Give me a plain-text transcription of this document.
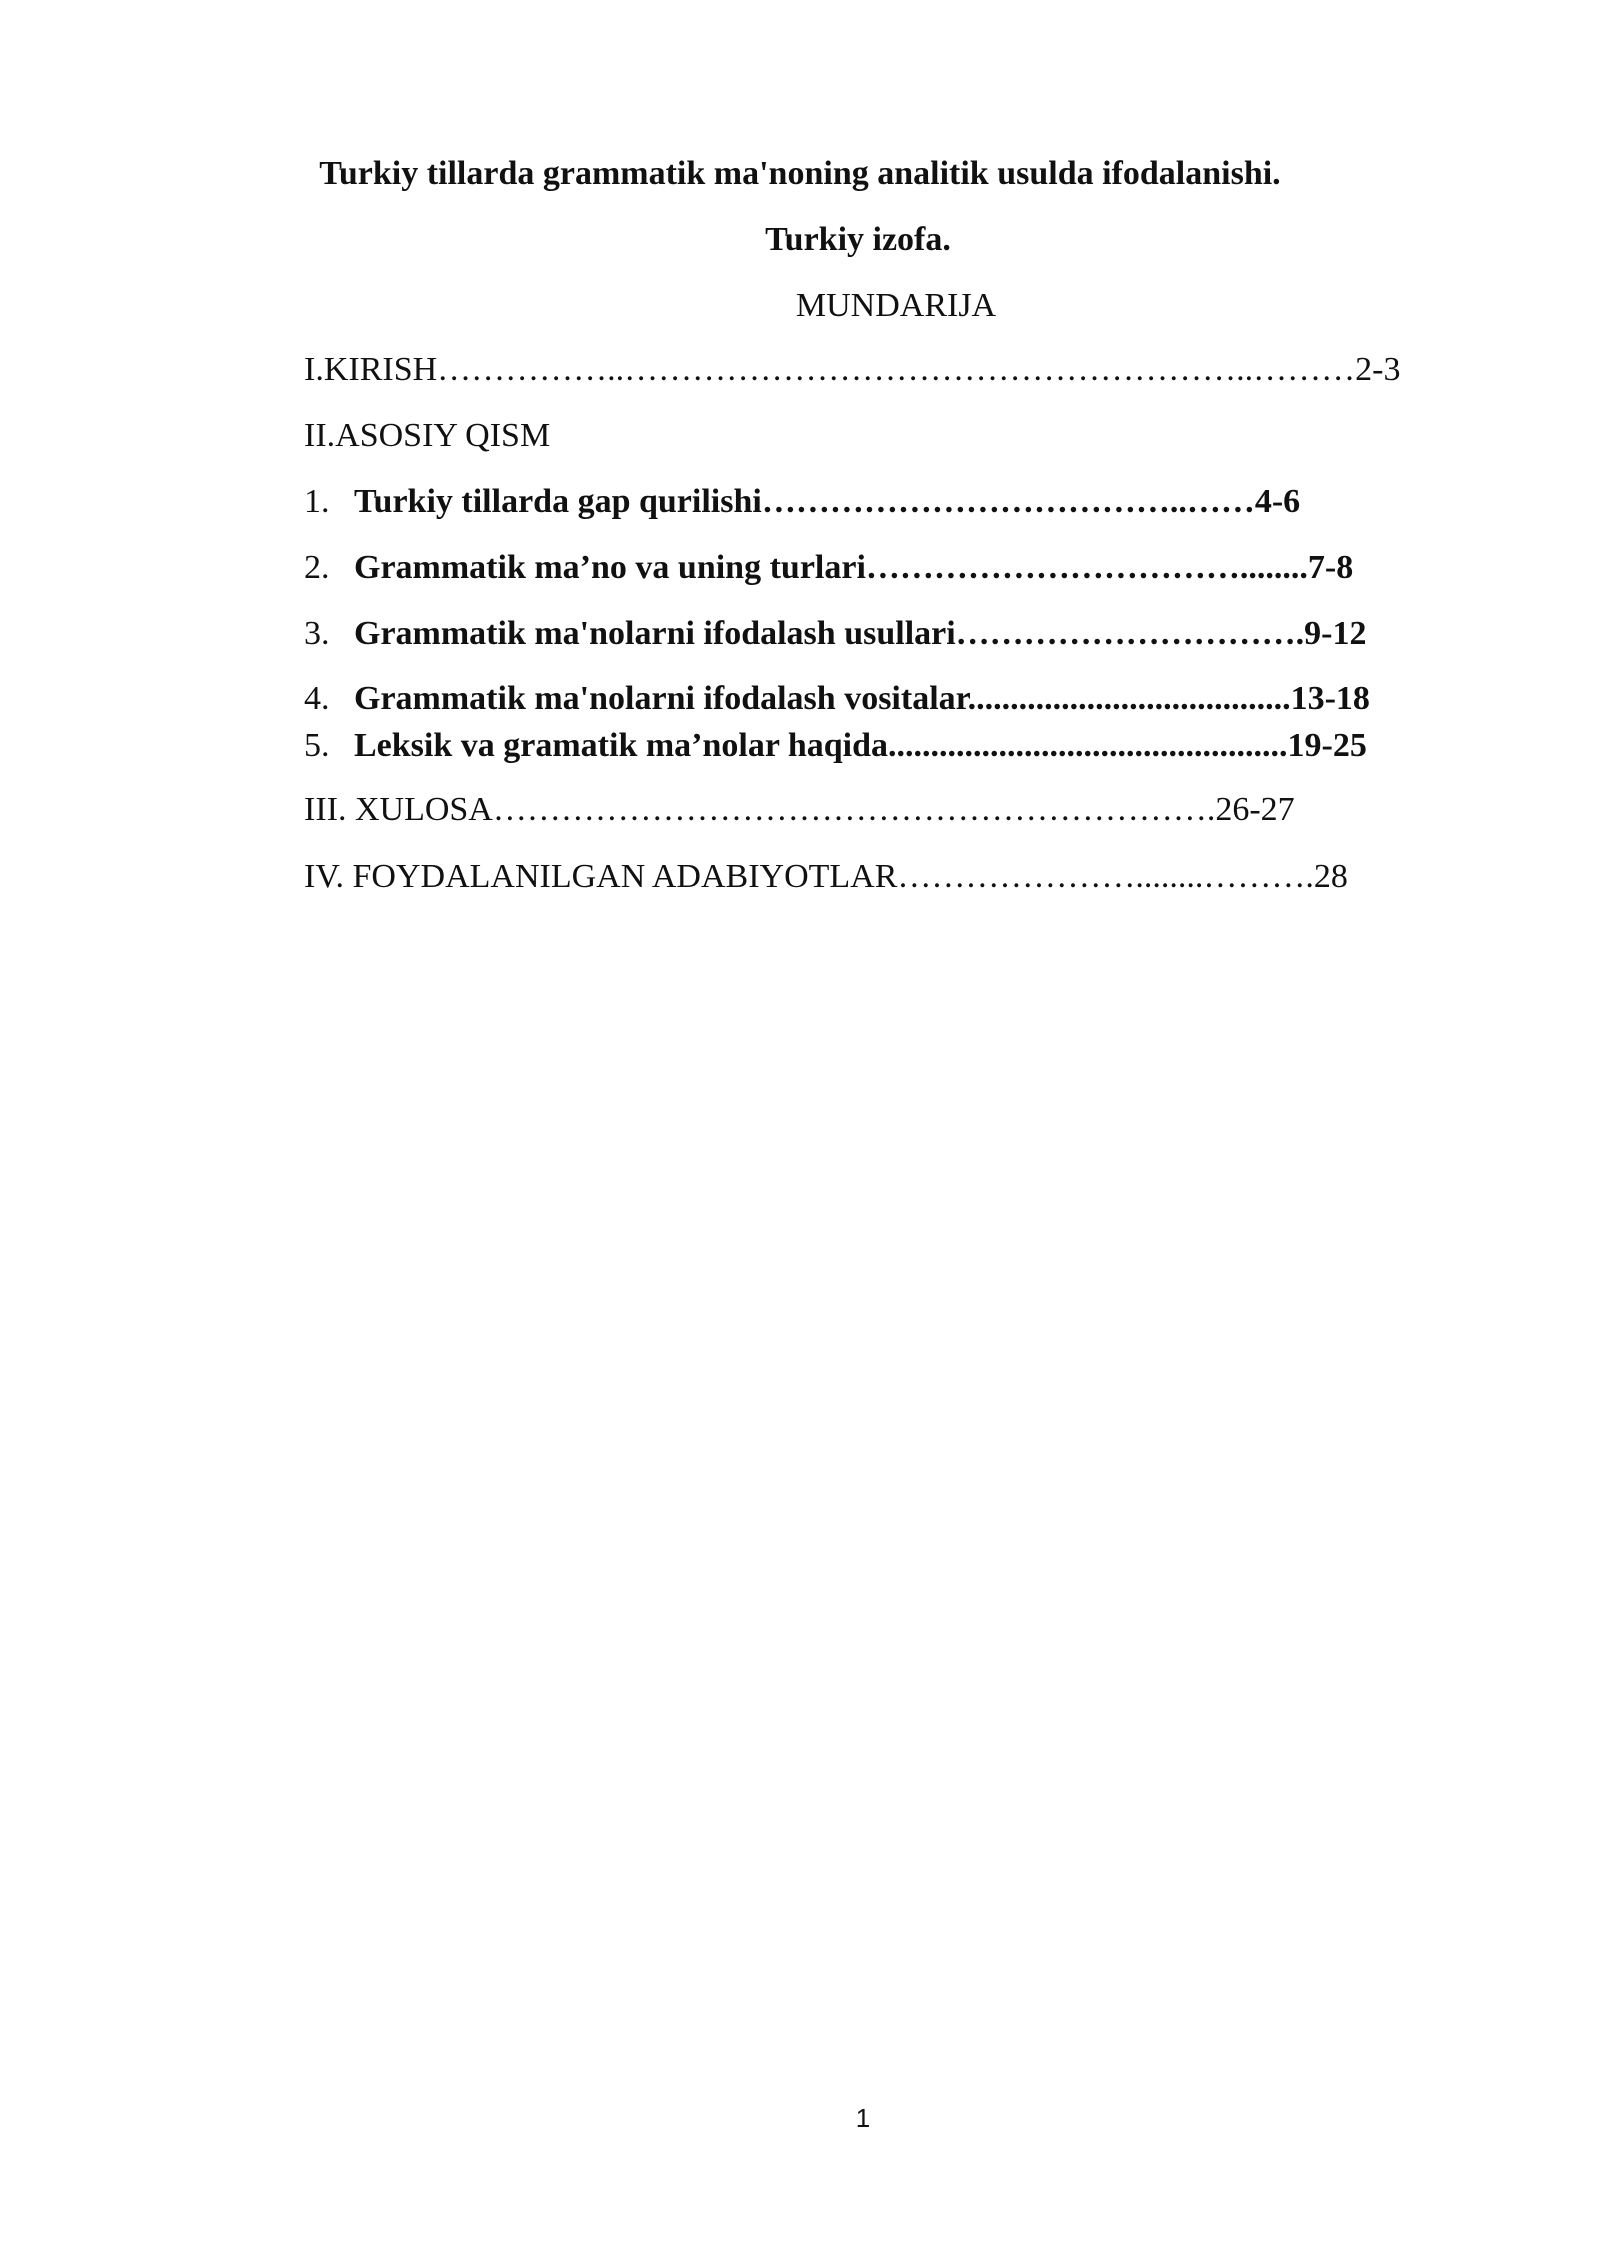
Turkiy tillarda grammatik ma'noning analitik usulda ifodalanishi.
Turkiy izofa.
MUNDARIJA
I.KIRISH……………..………………………………………………..………2-3
II.ASOSIY QISM
1. Turkiy tillarda gap qurilishi………………………………..……4-6
2. Grammatik ma’no va uning turlari……………………………........7-8
3. Grammatik ma'nolarni ifodalash usullari………………………….9-12
4. Grammatik ma'nolarni ifodalash vositalar......................................13-18
5. Leksik va gramatik ma’nolar haqida...............................................19-25
III. XULOSA……………………………………………………….26-27
IV. FOYDALANILGAN ADABIYOTLAR…………………........……….28
1
